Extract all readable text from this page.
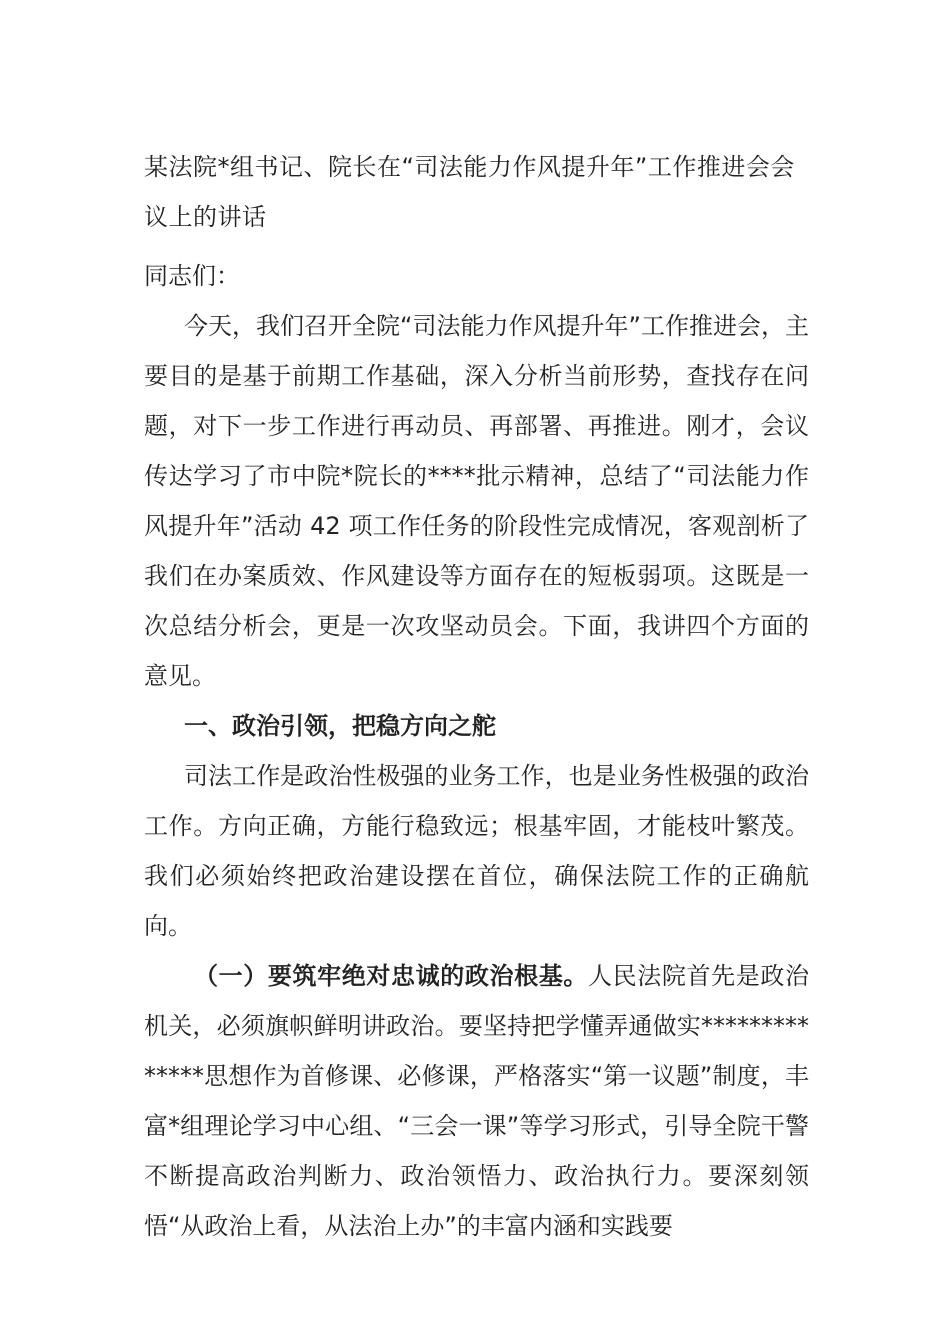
某法院*组书记、院长在“司法能力作风提升年”工作推进会会议上的讲话

同志们：

今天，我们召开全院“司法能力作风提升年”工作推进会，主要目的是基于前期工作基础，深入分析当前形势，查找存在问题，对下一步工作进行再动员、再部署、再推进。刚才，会议传达学习了市中院*院长的****批示精神，总结了“司法能力作风提升年”活动 42 项工作任务的阶段性完成情况，客观剖析了我们在办案质效、作风建设等方面存在的短板弱项。这既是一次总结分析会，更是一次攻坚动员会。下面，我讲四个方面的意见。

一、政治引领，把稳方向之舵

司法工作是政治性极强的业务工作，也是业务性极强的政治工作。方向正确，方能行稳致远；根基牢固，才能枝叶繁茂。我们必须始终把政治建设摆在首位，确保法院工作的正确航向。

（一）要筑牢绝对忠诚的政治根基。人民法院首先是政治机关，必须旗帜鲜明讲政治。要坚持把学懂弄通做实**************思想作为首修课、必修课，严格落实“第一议题”制度，丰富*组理论学习中心组、“三会一课”等学习形式，引导全院干警不断提高政治判断力、政治领悟力、政治执行力。要深刻领悟“从政治上看，从法治上办”的丰富内涵和实践要
